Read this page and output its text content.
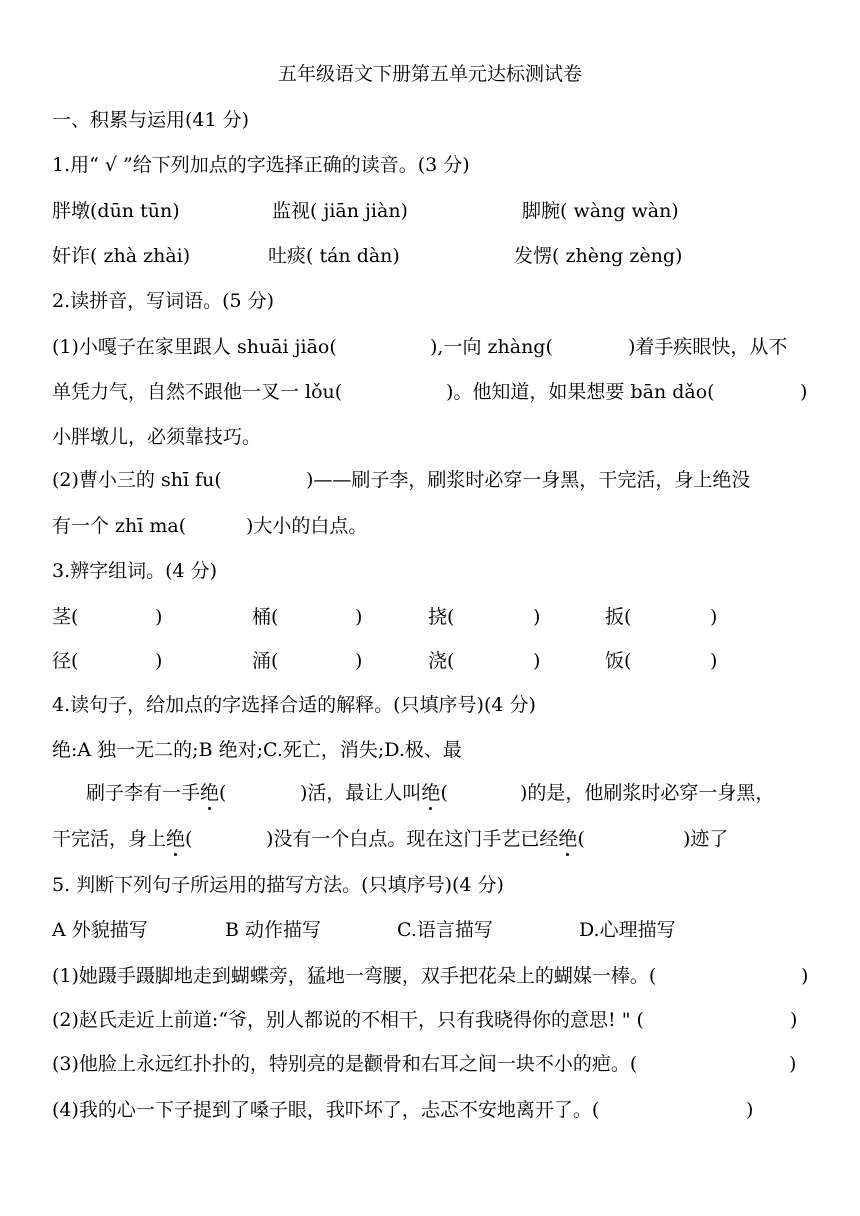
五年级语文下册第五单元达标测试卷
一、积累与运用(41 分)
1.用“ √ ”给下列加点的字选择正确的读音。(3 分)
胖墩(dūn tūn)	监视( jiān jiàn)	脚腕( wàng wàn)
奸诈( zhà zhài)	吐痰( tán dàn)	发愣( zhèng zèng)
2.读拼音，写词语。(5 分)
(1)小嘎子在家里跟人 shuāi jiāo(	),一向 zhàng(	)着手疾眼快，从不
单凭力气，自然不跟他一叉一 lǒu(	)。他知道，如果想要 bān dǎo(	)
小胖墩儿，必须靠技巧。
(2)曹小三的 shī fu(	)——刷子李，刷浆时必穿一身黑，干完活，身上绝没
有一个 zhī ma(	)大小的白点。
3.辨字组词。(4 分)
茎(	)	桶(	)	挠(	)	扳(	)
径(	)	涌(	)	浇(	)	饭(	)
4.读句子，给加点的字选择合适的解释。(只填序号)(4 分)
绝:A 独一无二的;B 绝对;C.死亡，消失;D.极、最
刷子李有一手绝(	)活，最让人叫绝(	)的是，他刷浆时必穿一身黑，
干完活，身上绝(	)没有一个白点。现在这门手艺已经绝(	)迹了
5. 判断下列句子所运用的描写方法。(只填序号)(4 分)
A 外貌描写	B 动作描写	C.语言描写	D.心理描写
(1)她蹑手蹑脚地走到蝴蝶旁，猛地一弯腰，双手把花朵上的蝴媒一棒。(	)
(2)赵氏走近上前道:“爷，别人都说的不相干，只有我晓得你的意思! " (	)
(3)他脸上永远红扑扑的，特别亮的是颧骨和右耳之间一块不小的疤。(	)
(4)我的心一下子提到了嗓子眼，我吓坏了，忐忑不安地离开了。(	)
